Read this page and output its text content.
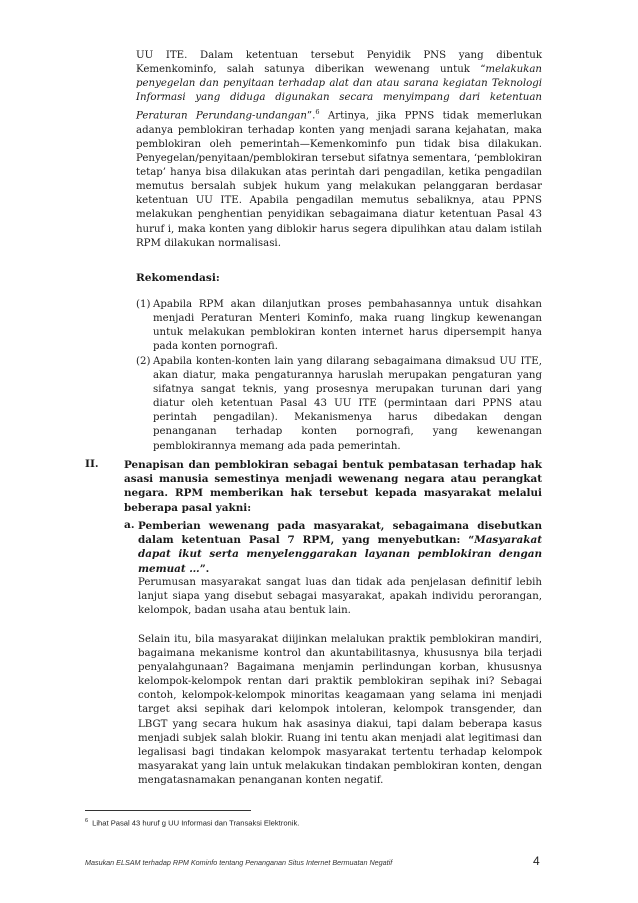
UU ITE. Dalam ketentuan tersebut Penyidik PNS yang dibentuk Kemenkominfo, salah satunya diberikan wewenang untuk “melakukan penyegelan dan penyitaan terhadap alat dan atau sarana kegiatan Teknologi Informasi yang diduga digunakan secara menyimpang dari ketentuan Peraturan Perundang-undangan”.$^6$ Artinya, jika PPNS tidak memerlukan adanya pemblokiran terhadap konten yang menjadi sarana kejahatan, maka pemblokiran oleh pemerintah—Kemenkominfo pun tidak bisa dilakukan. Penyegelan/penyitaan/pemblokiran tersebut sifatnya sementara, ‘pemblokiran tetap’ hanya bisa dilakukan atas perintah dari pengadilan, ketika pengadilan memutus bersalah subjek hukum yang melakukan pelanggaran berdasar ketentuan UU ITE. Apabila pengadilan memutus sebaliknya, atau PPNS melakukan penghentian penyidikan sebagaimana diatur ketentuan Pasal 43 huruf i, maka konten yang diblokir harus segera dipulihkan atau dalam istilah RPM dilakukan normalisasi.

Rekomendasi:
(1) Apabila RPM akan dilanjutkan proses pembahasannya untuk disahkan menjadi Peraturan Menteri Kominfo, maka ruang lingkup kewenangan untuk melakukan pemblokiran konten internet harus dipersempit hanya pada konten pornografi.

(2) Apabila konten-konten lain yang dilarang sebagaimana dimaksud UU ITE, akan diatur, maka pengaturannya haruslah merupakan pengaturan yang sifatnya sangat teknis, yang prosesnya merupakan turunan dari yang diatur oleh ketentuan Pasal 43 UU ITE (permintaan dari PPNS atau perintah pengadilan). Mekanismenya harus dibedakan dengan penanganan terhadap konten pornografi, yang kewenangan pemblokirannya memang ada pada pemerintah.

II. Penapisan dan pemblokiran sebagai bentuk pembatasan terhadap hak asasi manusia semestinya menjadi wewenang negara atau perangkat negara. RPM memberikan hak tersebut kepada masyarakat melalui beberapa pasal yakni:

a. Pemberian wewenang pada masyarakat, sebagaimana disebutkan dalam ketentuan Pasal 7 RPM, yang menyebutkan: “Masyarakat dapat ikut serta menyelenggarakan layanan pemblokiran dengan memuat …”.

Perumusan masyarakat sangat luas dan tidak ada penjelasan definitif lebih lanjut siapa yang disebut sebagai masyarakat, apakah individu perorangan, kelompok, badan usaha atau bentuk lain.

Selain itu, bila masyarakat diijinkan melalukan praktik pemblokiran mandiri, bagaimana mekanisme kontrol dan akuntabilitasnya, khususnya bila terjadi penyalahgunaan? Bagaimana menjamin perlindungan korban, khususnya kelompok-kelompok rentan dari praktik pemblokiran sepihak ini? Sebagai contoh, kelompok-kelompok minoritas keagamaan yang selama ini menjadi target aksi sepihak dari kelompok intoleran, kelompok transgender, dan LBGT yang secara hukum hak asasinya diakui, tapi dalam beberapa kasus menjadi subjek salah blokir. Ruang ini tentu akan menjadi alat legitimasi dan legalisasi bagi tindakan kelompok masyarakat tertentu terhadap kelompok masyarakat yang lain untuk melakukan tindakan pemblokiran konten, dengan mengatasnamakan penanganan konten negatif.

$^6$ Lihat Pasal 43 huruf g UU Informasi dan Transaksi Elektronik.
Masukan ELSAM terhadap RPM Kominfo tentang Penanganan Situs Internet Bermuatan Negatif	4
